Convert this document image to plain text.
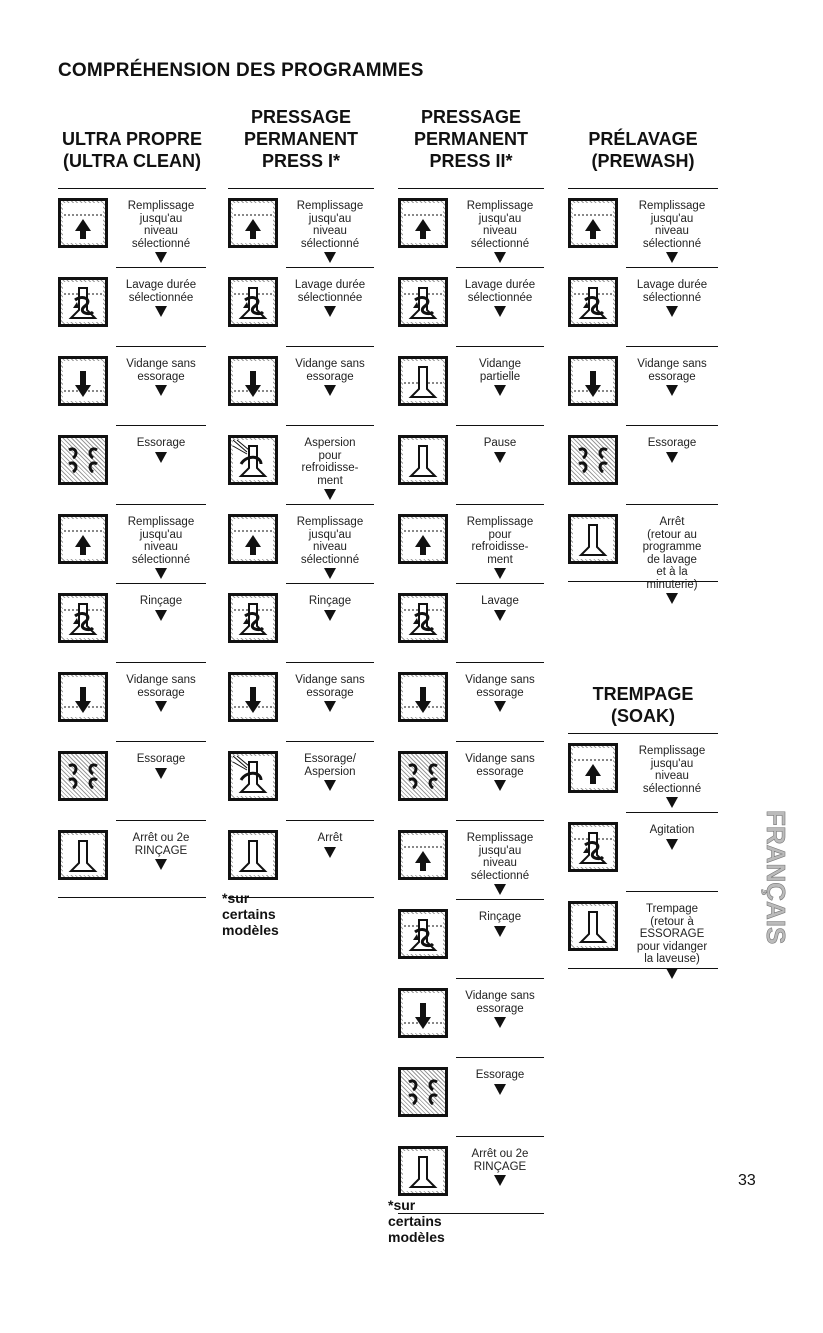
COMPRÉHENSION DES PROGRAMMES
ULTRA PROPRE
(ULTRA CLEAN)
Remplissage
jusqu'au
niveau
sélectionné
Lavage durée
sélectionnée
Vidange sans
essorage
Essorage
Remplissage
jusqu'au
niveau
sélectionné
Rinçage
Vidange sans
essorage
Essorage
Arrêt ou 2e
RINÇAGE
PRESSAGE
PERMANENT
PRESS I*
Remplissage
jusqu'au
niveau
sélectionné
Lavage durée
sélectionnée
Vidange sans
essorage
Aspersion
pour
refroidisse-
ment
Remplissage
jusqu'au
niveau
sélectionné
Rinçage
Vidange sans
essorage
Essorage/
Aspersion
Arrêt
*sur certains modèles
PRESSAGE
PERMANENT
PRESS II*
Remplissage
jusqu'au
niveau
sélectionné
Lavage durée
sélectionnée
Vidange
partielle
Pause
Remplissage
pour
refroidisse-
ment
Lavage
Vidange sans
essorage
Vidange sans
essorage
Remplissage
jusqu'au
niveau
sélectionné
Rinçage
Vidange sans
essorage
Essorage
Arrêt ou 2e
RINÇAGE
*sur certains modèles
PRÉLAVAGE
(PREWASH)
Remplissage
jusqu'au
niveau
sélectionné
Lavage durée
sélectionné
Vidange sans
essorage
Essorage
Arrêt
(retour au
programme
de lavage
et à la
minuterie)
TREMPAGE
(SOAK)
Remplissage
jusqu'au
niveau
sélectionné
Agitation
Trempage
(retour à
ESSORAGE
pour vidanger
la laveuse)
FRANÇAIS
33
